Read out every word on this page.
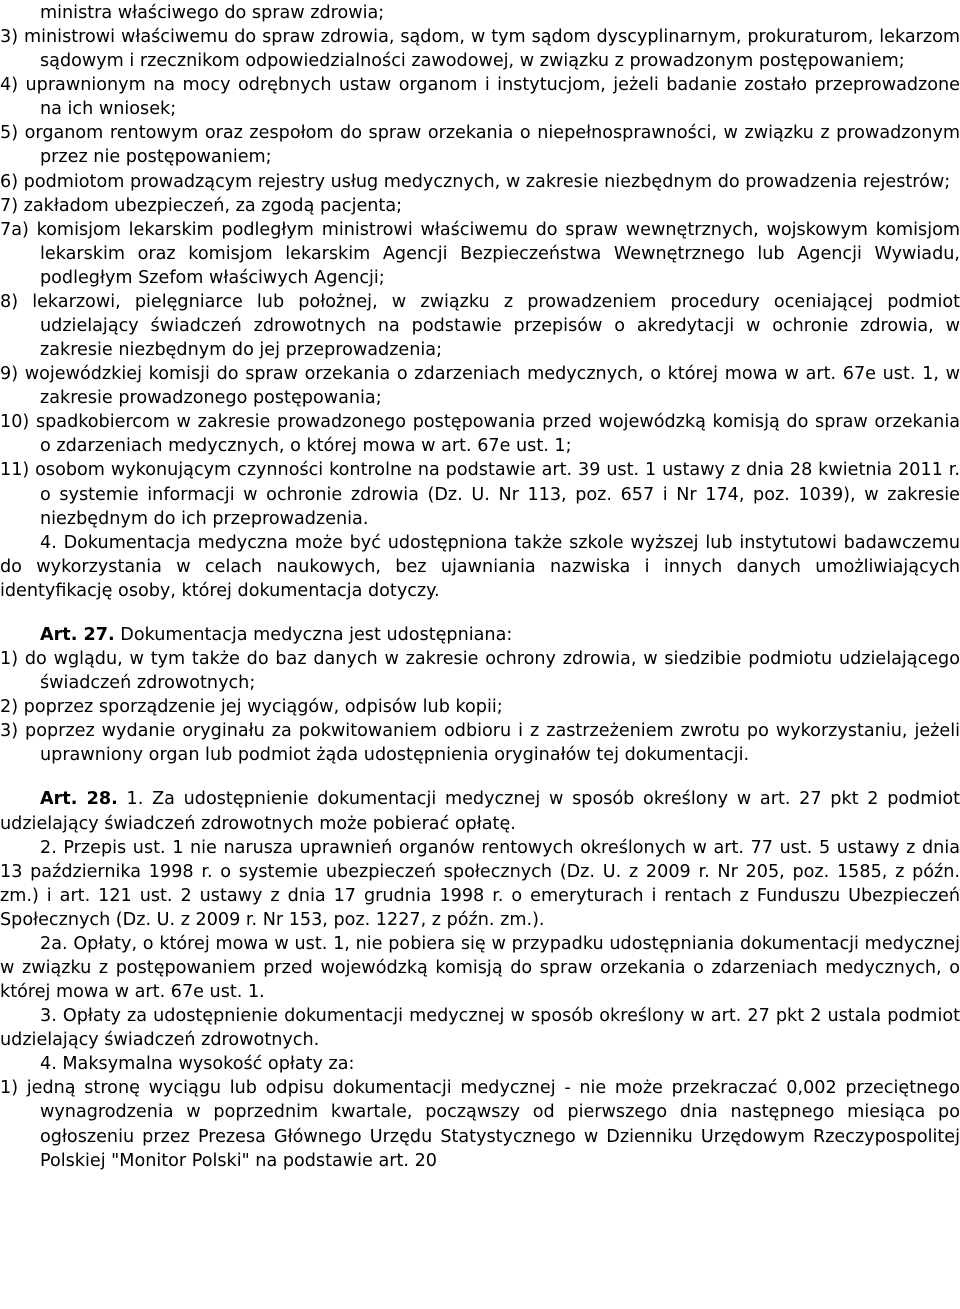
ministra właściwego do spraw zdrowia;

3) ministrowi właściwemu do spraw zdrowia, sądom, w tym sądom dyscyplinarnym, prokuraturom, lekarzom sądowym i rzecznikom odpowiedzialności zawodowej, w związku z prowadzonym postępowaniem;

4) uprawnionym na mocy odrębnych ustaw organom i instytucjom, jeżeli badanie zostało przeprowadzone na ich wniosek;

5) organom rentowym oraz zespołom do spraw orzekania o niepełnosprawności, w związku z prowadzonym przez nie postępowaniem;

6) podmiotom prowadzącym rejestry usług medycznych, w zakresie niezbędnym do prowadzenia rejestrów;

7) zakładom ubezpieczeń, za zgodą pacjenta;

7a) komisjom lekarskim podległym ministrowi właściwemu do spraw wewnętrznych, wojskowym komisjom lekarskim oraz komisjom lekarskim Agencji Bezpieczeństwa Wewnętrznego lub Agencji Wywiadu, podległym Szefom właściwych Agencji;

8) lekarzowi, pielęgniarce lub położnej, w związku z prowadzeniem procedury oceniającej podmiot udzielający świadczeń zdrowotnych na podstawie przepisów o akredytacji w ochronie zdrowia, w zakresie niezbędnym do jej przeprowadzenia;

9) wojewódzkiej komisji do spraw orzekania o zdarzeniach medycznych, o której mowa w art. 67e ust. 1, w zakresie prowadzonego postępowania;

10) spadkobiercom w zakresie prowadzonego postępowania przed wojewódzką komisją do spraw orzekania o zdarzeniach medycznych, o której mowa w art. 67e ust. 1;

11) osobom wykonującym czynności kontrolne na podstawie art. 39 ust. 1 ustawy z dnia 28 kwietnia 2011 r. o systemie informacji w ochronie zdrowia (Dz. U. Nr 113, poz. 657 i Nr 174, poz. 1039), w zakresie niezbędnym do ich przeprowadzenia.

4. Dokumentacja medyczna może być udostępniona także szkole wyższej lub instytutowi badawczemu do wykorzystania w celach naukowych, bez ujawniania nazwiska i innych danych umożliwiających identyfikację osoby, której dokumentacja dotyczy.

Art. 27. Dokumentacja medyczna jest udostępniana:

1) do wglądu, w tym także do baz danych w zakresie ochrony zdrowia, w siedzibie podmiotu udzielającego świadczeń zdrowotnych;

2) poprzez sporządzenie jej wyciągów, odpisów lub kopii;

3) poprzez wydanie oryginału za pokwitowaniem odbioru i z zastrzeżeniem zwrotu po wykorzystaniu, jeżeli uprawniony organ lub podmiot żąda udostępnienia oryginałów tej dokumentacji.

Art. 28. 1. Za udostępnienie dokumentacji medycznej w sposób określony w art. 27 pkt 2 podmiot udzielający świadczeń zdrowotnych może pobierać opłatę.

2. Przepis ust. 1 nie narusza uprawnień organów rentowych określonych w art. 77 ust. 5 ustawy z dnia 13 października 1998 r. o systemie ubezpieczeń społecznych (Dz. U. z 2009 r. Nr 205, poz. 1585, z późn. zm.) i art. 121 ust. 2 ustawy z dnia 17 grudnia 1998 r. o emeryturach i rentach z Funduszu Ubezpieczeń Społecznych (Dz. U. z 2009 r. Nr 153, poz. 1227, z późn. zm.).

2a. Opłaty, o której mowa w ust. 1, nie pobiera się w przypadku udostępniania dokumentacji medycznej w związku z postępowaniem przed wojewódzką komisją do spraw orzekania o zdarzeniach medycznych, o której mowa w art. 67e ust. 1.

3. Opłaty za udostępnienie dokumentacji medycznej w sposób określony w art. 27 pkt 2 ustala podmiot udzielający świadczeń zdrowotnych.

4. Maksymalna wysokość opłaty za:

1) jedną stronę wyciągu lub odpisu dokumentacji medycznej - nie może przekraczać 0,002 przeciętnego wynagrodzenia w poprzednim kwartale, począwszy od pierwszego dnia następnego miesiąca po ogłoszeniu przez Prezesa Głównego Urzędu Statystycznego w Dzienniku Urzędowym Rzeczypospolitej Polskiej "Monitor Polski" na podstawie art. 20
